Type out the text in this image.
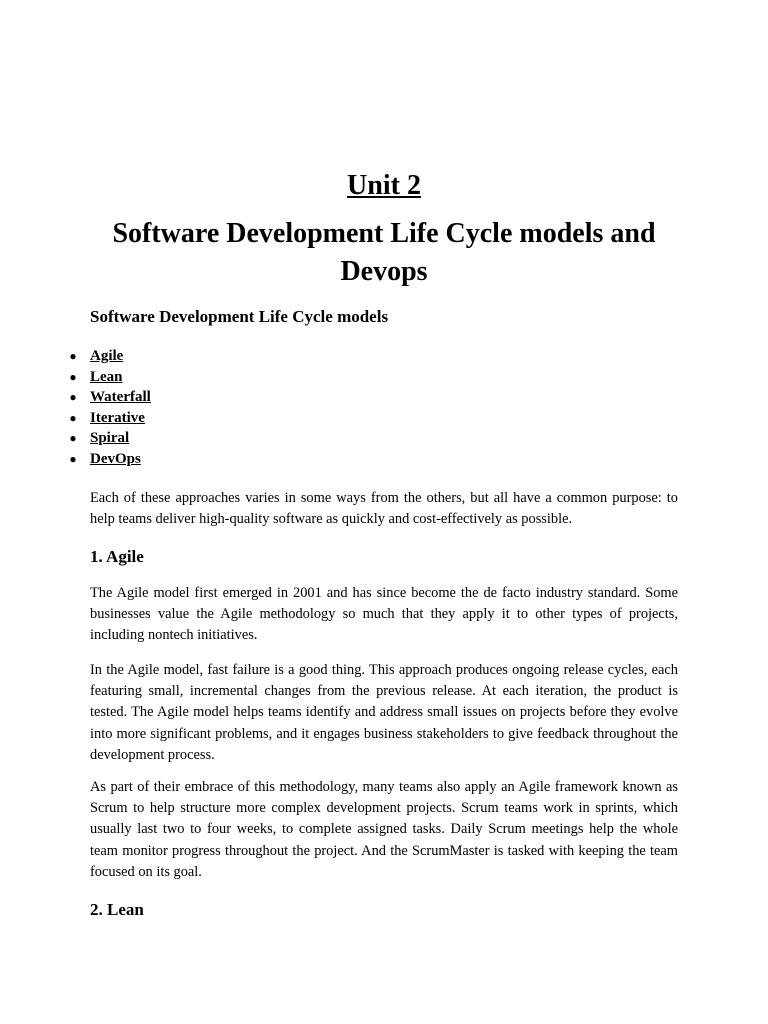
Unit 2
Software Development Life Cycle models and Devops
Software Development Life Cycle models
● Agile
● Lean
● Waterfall
● Iterative
● Spiral
● DevOps

Each of these approaches varies in some ways from the others, but all have a common purpose: to help teams deliver high-quality software as quickly and cost-effectively as possible.

1. Agile

The Agile model first emerged in 2001 and has since become the de facto industry standard. Some businesses value the Agile methodology so much that they apply it to other types of projects, including nontech initiatives.

In the Agile model, fast failure is a good thing. This approach produces ongoing release cycles, each featuring small, incremental changes from the previous release. At each iteration, the product is tested. The Agile model helps teams identify and address small issues on projects before they evolve into more significant problems, and it engages business stakeholders to give feedback throughout the development process.

As part of their embrace of this methodology, many teams also apply an Agile framework known as Scrum to help structure more complex development projects. Scrum teams work in sprints, which usually last two to four weeks, to complete assigned tasks. Daily Scrum meetings help the whole team monitor progress throughout the project. And the ScrumMaster is tasked with keeping the team focused on its goal.

2. Lean
